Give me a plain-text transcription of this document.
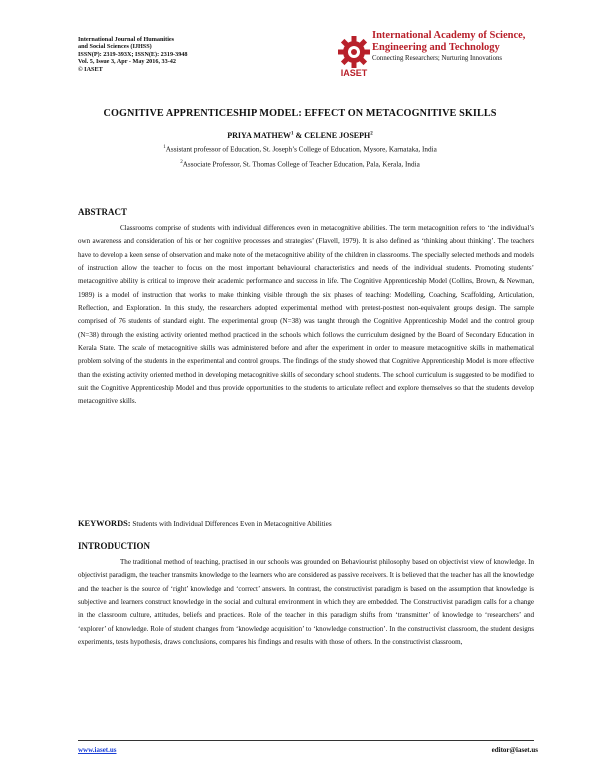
International Journal of Humanities
and Social Sciences (IJHSS)
ISSN(P): 2319-393X; ISSN(E): 2319-3948
Vol. 5, Issue 3, Apr - May 2016, 33-42
© IASET	IASET
International Academy of Science,
Engineering and Technology
Connecting Researchers; Nurturing Innovations
COGNITIVE APPRENTICESHIP MODEL: EFFECT ON METACOGNITIVE SKILLS
PRIYA MATHEW$^1$ & CELENE JOSEPH$^2$
$^1$Assistant professor of Education, St. Joseph’s College of Education, Mysore, Karnataka, India
$^2$Associate Professor, St. Thomas College of Teacher Education, Pala, Kerala, India
ABSTRACT
Classrooms comprise of students with individual differences even in metacognitive abilities. The term metacognition refers to ‘the individual’s own awareness and consideration of his or her cognitive processes and strategies’ (Flavell, 1979). It is also defined as ‘thinking about thinking’. The teachers have to develop a keen sense of observation and make note of the metacognitive ability of the children in classrooms. The specially selected methods and models of instruction allow the teacher to focus on the most important behavioural characteristics and needs of the individual students. Promoting students’ metacognitive ability is critical to improve their academic performance and success in life. The Cognitive Apprenticeship Model (Collins, Brown, & Newman, 1989) is a model of instruction that works to make thinking visible through the six phases of teaching: Modelling, Coaching, Scaffolding, Articulation, Reflection, and Exploration. In this study, the researchers adopted experimental method with pretest-posttest non-equivalent groups design. The sample comprised of 76 students of standard eight. The experimental group (N=38) was taught through the Cognitive Apprenticeship Model and the control group (N=38) through the existing activity oriented method practiced in the schools which follows the curriculum designed by the Board of Secondary Education in Kerala State. The scale of metacognitive skills was administered before and after the experiment in order to measure metacognitive skills in mathematical problem solving of the students in the experimental and control groups. The findings of the study showed that Cognitive Apprenticeship Model is more effective than the existing activity oriented method in developing metacognitive skills of secondary school students. The school curriculum is suggested to be modified to suit the Cognitive Apprenticeship Model and thus provide opportunities to the students to articulate reflect and explore themselves so that the students develop metacognitive skills.
KEYWORDS: Students with Individual Differences Even in Metacognitive Abilities
INTRODUCTION
The traditional method of teaching, practised in our schools was grounded on Behaviourist philosophy based on objectivist view of knowledge. In objectivist paradigm, the teacher transmits knowledge to the learners who are considered as passive receivers. It is believed that the teacher has all the knowledge and the teacher is the source of ‘right’ knowledge and ‘correct’ answers. In contrast, the constructivist paradigm is based on the assumption that knowledge is subjective and learners construct knowledge in the social and cultural environment in which they are embedded. The Constructivist paradigm calls for a change in the classroom culture, attitudes, beliefs and practices. Role of the teacher in this paradigm shifts from ‘transmitter’ of knowledge to ‘researchers’ and ‘explorer’ of knowledge. Role of student changes from ‘knowledge acquisition’ to ‘knowledge construction’. In the constructivist classroom, the student designs experiments, tests hypothesis, draws conclusions, compares his findings and results with those of others. In the constructivist classroom,
www.iaset.us	editor@iaset.us
